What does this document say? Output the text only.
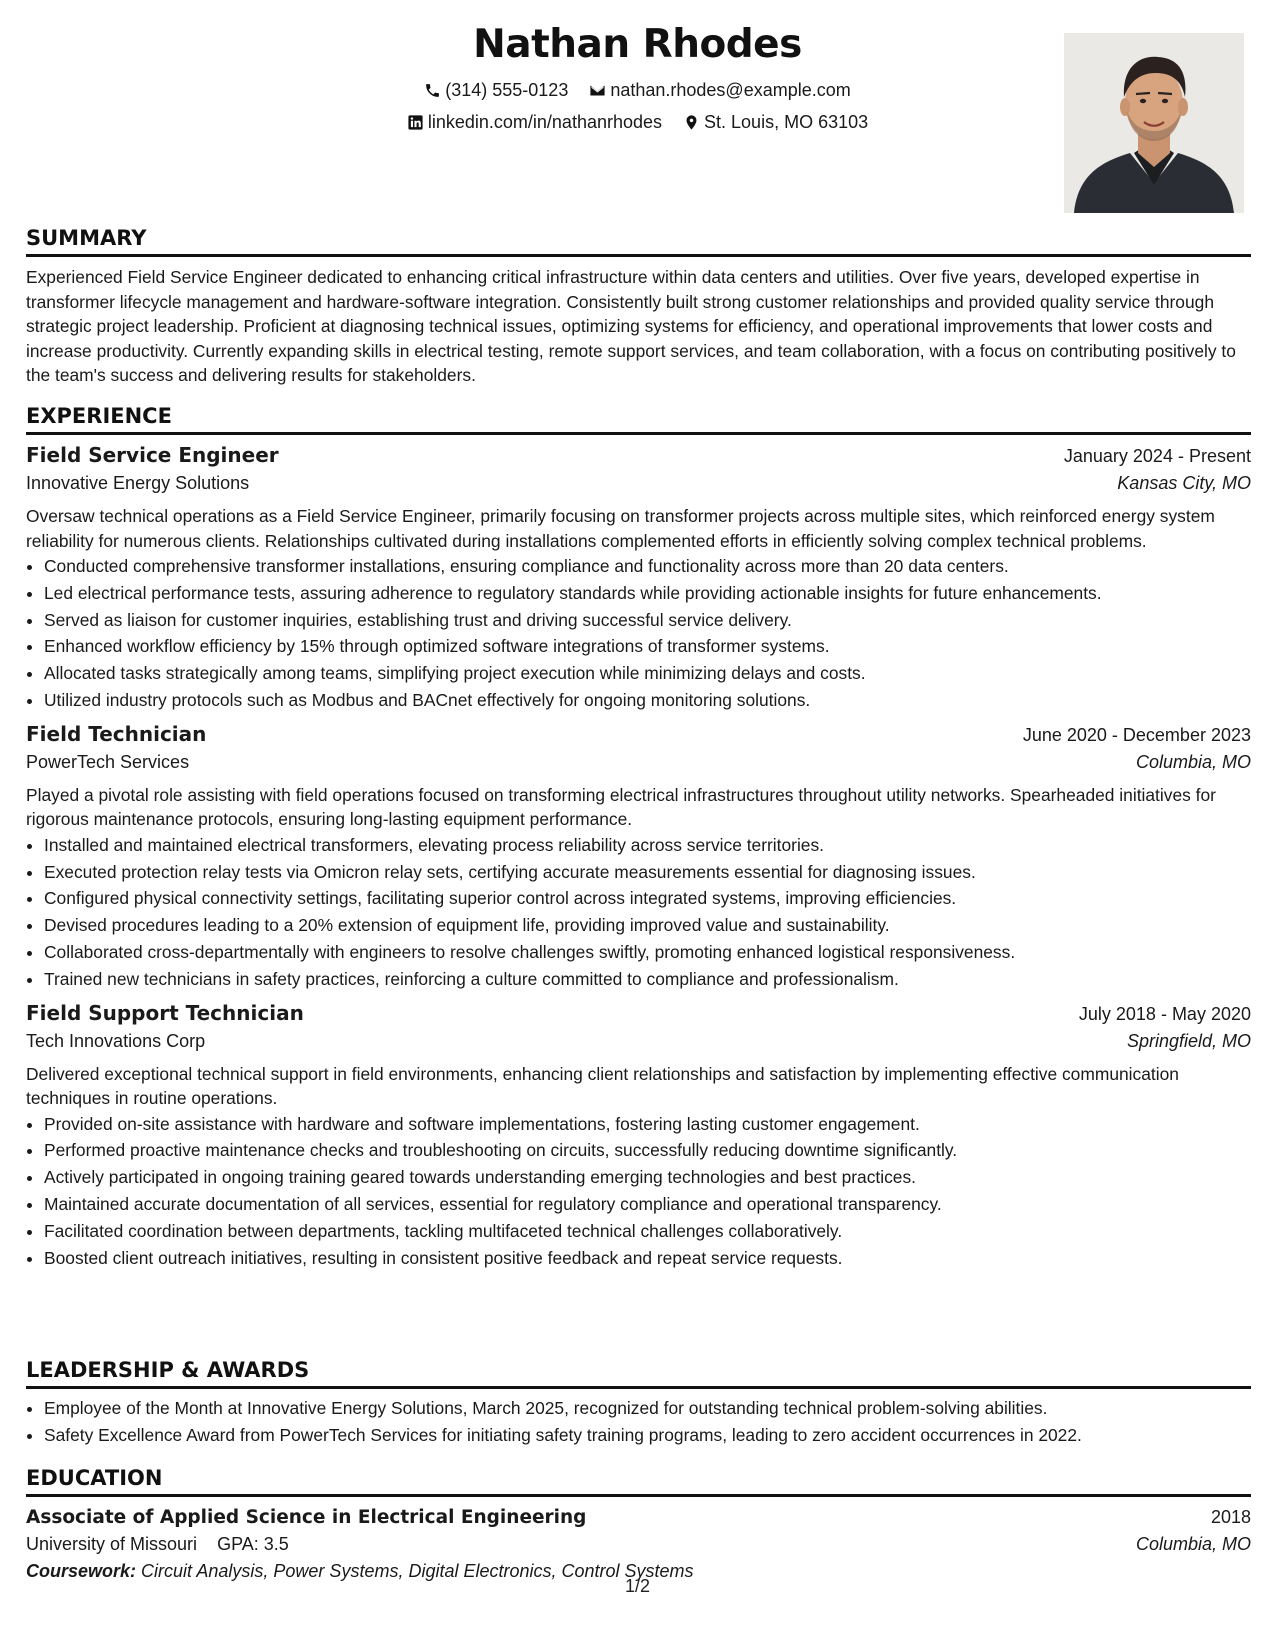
Nathan Rhodes
(314) 555-0123
nathan.rhodes@example.com
linkedin.com/in/nathanrhodes
St. Louis, MO 63103
SUMMARY
Experienced Field Service Engineer dedicated to enhancing critical infrastructure within data centers and utilities. Over five years, developed expertise in transformer lifecycle management and hardware-software integration. Consistently built strong customer relationships and provided quality service through strategic project leadership. Proficient at diagnosing technical issues, optimizing systems for efficiency, and operational improvements that lower costs and increase productivity. Currently expanding skills in electrical testing, remote support services, and team collaboration, with a focus on contributing positively to the team's success and delivering results for stakeholders.
EXPERIENCE
Field Service Engineer	January 2024 - Present
Innovative Energy Solutions	Kansas City, MO
Oversaw technical operations as a Field Service Engineer, primarily focusing on transformer projects across multiple sites, which reinforced energy system reliability for numerous clients. Relationships cultivated during installations complemented efforts in efficiently solving complex technical problems.
• Conducted comprehensive transformer installations, ensuring compliance and functionality across more than 20 data centers.
• Led electrical performance tests, assuring adherence to regulatory standards while providing actionable insights for future enhancements.
• Served as liaison for customer inquiries, establishing trust and driving successful service delivery.
• Enhanced workflow efficiency by 15% through optimized software integrations of transformer systems.
• Allocated tasks strategically among teams, simplifying project execution while minimizing delays and costs.
• Utilized industry protocols such as Modbus and BACnet effectively for ongoing monitoring solutions.
Field Technician	June 2020 - December 2023
PowerTech Services	Columbia, MO
Played a pivotal role assisting with field operations focused on transforming electrical infrastructures throughout utility networks. Spearheaded initiatives for rigorous maintenance protocols, ensuring long-lasting equipment performance.
• Installed and maintained electrical transformers, elevating process reliability across service territories.
• Executed protection relay tests via Omicron relay sets, certifying accurate measurements essential for diagnosing issues.
• Configured physical connectivity settings, facilitating superior control across integrated systems, improving efficiencies.
• Devised procedures leading to a 20% extension of equipment life, providing improved value and sustainability.
• Collaborated cross-departmentally with engineers to resolve challenges swiftly, promoting enhanced logistical responsiveness.
• Trained new technicians in safety practices, reinforcing a culture committed to compliance and professionalism.
Field Support Technician	July 2018 - May 2020
Tech Innovations Corp	Springfield, MO
Delivered exceptional technical support in field environments, enhancing client relationships and satisfaction by implementing effective communication techniques in routine operations.
• Provided on-site assistance with hardware and software implementations, fostering lasting customer engagement.
• Performed proactive maintenance checks and troubleshooting on circuits, successfully reducing downtime significantly.
• Actively participated in ongoing training geared towards understanding emerging technologies and best practices.
• Maintained accurate documentation of all services, essential for regulatory compliance and operational transparency.
• Facilitated coordination between departments, tackling multifaceted technical challenges collaboratively.
• Boosted client outreach initiatives, resulting in consistent positive feedback and repeat service requests.
LEADERSHIP & AWARDS
• Employee of the Month at Innovative Energy Solutions, March 2025, recognized for outstanding technical problem-solving abilities.
• Safety Excellence Award from PowerTech Services for initiating safety training programs, leading to zero accident occurrences in 2022.
EDUCATION
Associate of Applied Science in Electrical Engineering	2018
University of Missouri GPA: 3.5	Columbia, MO
Coursework: Circuit Analysis, Power Systems, Digital Electronics, Control Systems
1/2
